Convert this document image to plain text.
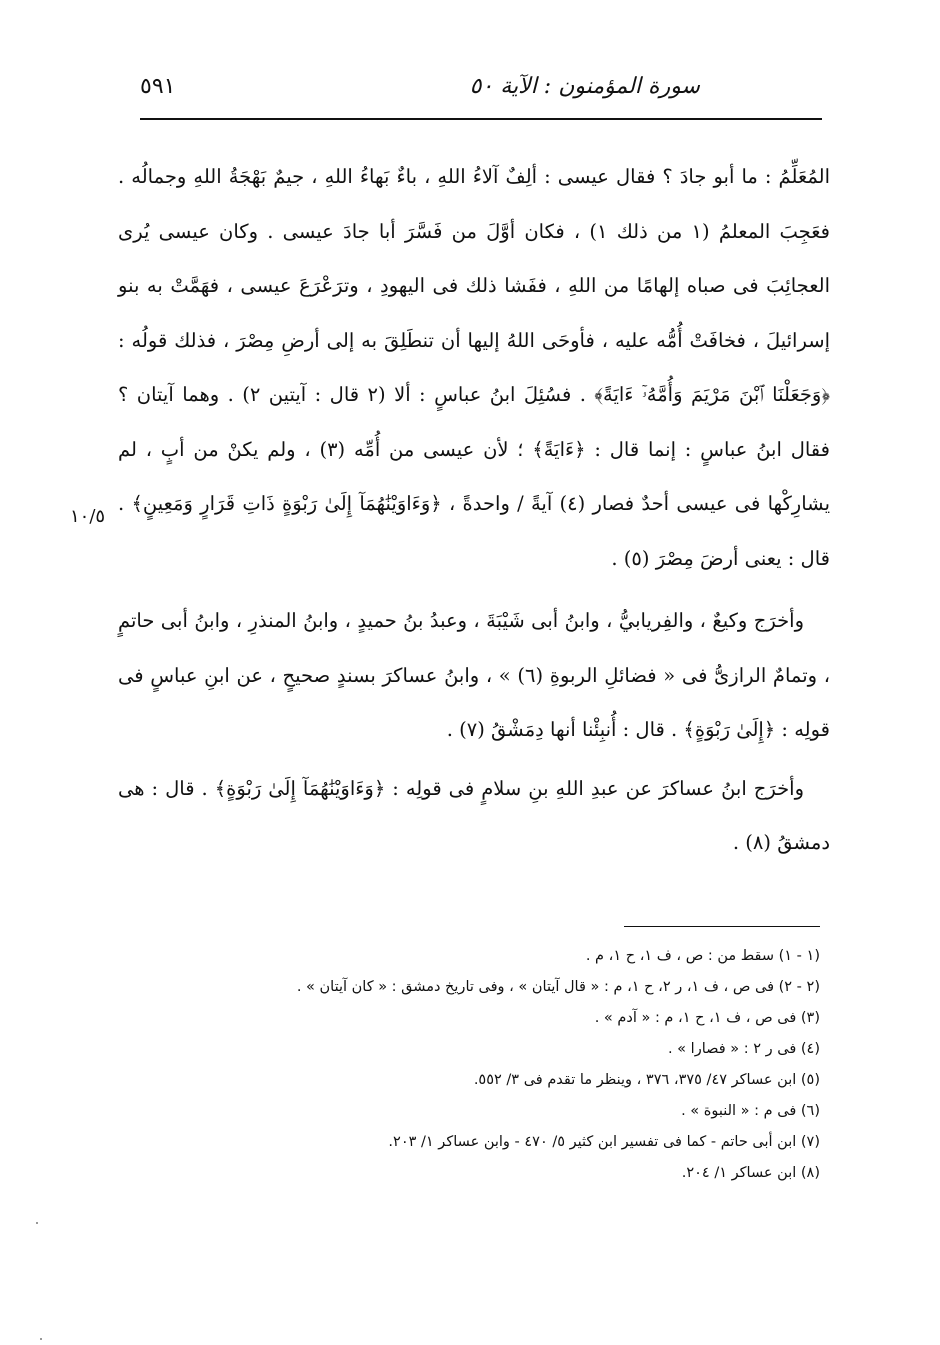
سورة المؤمنون : الآية ٥٠
٥٩١

المُعَلِّمُ : ما أبو جادَ ؟ فقال عيسى : ألِفٌ آلاءُ اللهِ ، باءٌ بَهاءُ اللهِ ، جيمٌ بَهْجَةُ اللهِ وجمالُه . فعَجِبَ المعلمُ (١ من ذلك ١) ، فكان أوَّلَ من فَسَّرَ أبا جادَ عيسى . وكان عيسى يُرى العجائِبَ فى صباه إلهامًا من اللهِ ، ففَشا ذلك فى اليهودِ ، وترَعْرَعَ عيسى ، فهَمَّتْ به بنو إسرائيلَ ، فخافَتْ أُمُّه عليه ، فأوحَى اللهُ إليها أن تنطَلِقَ به إلى أرضِ مِصْرَ ، فذلك قولُه : ﴿وَجَعَلْنَا ٱبْنَ مَرْيَمَ وَأُمَّهُۥٓ ءَايَةً﴾ . فسُئِلَ ابنُ عباسٍ : ألا (٢ قال : آيتين ٢) . وهما آيتان ؟ فقال ابنُ عباسٍ : إنما قال : ﴿ءَايَةً﴾ ؛ لأن عيسى من أُمِّه (٣) ، ولم يكنْ من أبٍ ، لم يشارِكْها فى عيسى أحدٌ فصار (٤) آيةً / واحدةً ، ﴿وَءَاوَيْنَٰهُمَآ إِلَىٰ رَبْوَةٍ ذَاتِ قَرَارٍ وَمَعِينٍ﴾ . قال : يعنى أرضَ مِصْرَ (٥) .

وأخرَج وكيعٌ ، والفِريابيُّ ، وابنُ أبى شَيْبَةَ ، وعبدُ بنُ حميدٍ ، وابنُ المنذرِ ، وابنُ أبى حاتمٍ ، وتمامٌ الرازىُّ فى « فضائلِ الربوةِ (٦) » ، وابنُ عساكرَ بسندٍ صحيحٍ ، عن ابنِ عباسٍ فى قولِه : ﴿إِلَىٰ رَبْوَةٍ﴾ . قال : أُنبِئْنا أنها دِمَشْقُ (٧) .

وأخرَج ابنُ عساكرَ عن عبدِ اللهِ بنِ سلامٍ فى قولِه : ﴿وَءَاوَيْنَٰهُمَآ إِلَىٰ رَبْوَةٍ﴾ . قال : هى دمشقُ (٨) .

١٠/٥
(١ - ١) سقط من : ص ، ف ١، ح ١، م .
(٢ - ٢) فى ص ، ف ١، ر ٢، ح ١، م : « قال آيتان » ، وفى تاريخ دمشق : « كان آيتان » .
(٣) فى ص ، ف ١، ح ١، م : « آدم » .
(٤) فى ر ٢ : « فصارا » .
(٥) ابن عساكر ٤٧/ ٣٧٥، ٣٧٦ ، وينظر ما تقدم فى ٣/ ٥٥٢.
(٦) فى م : « النبوة » .
(٧) ابن أبى حاتم - كما فى تفسير ابن كثير ٥/ ٤٧٠ - وابن عساكر ١/ ٢٠٣.
(٨) ابن عساكر ١/ ٢٠٤.
